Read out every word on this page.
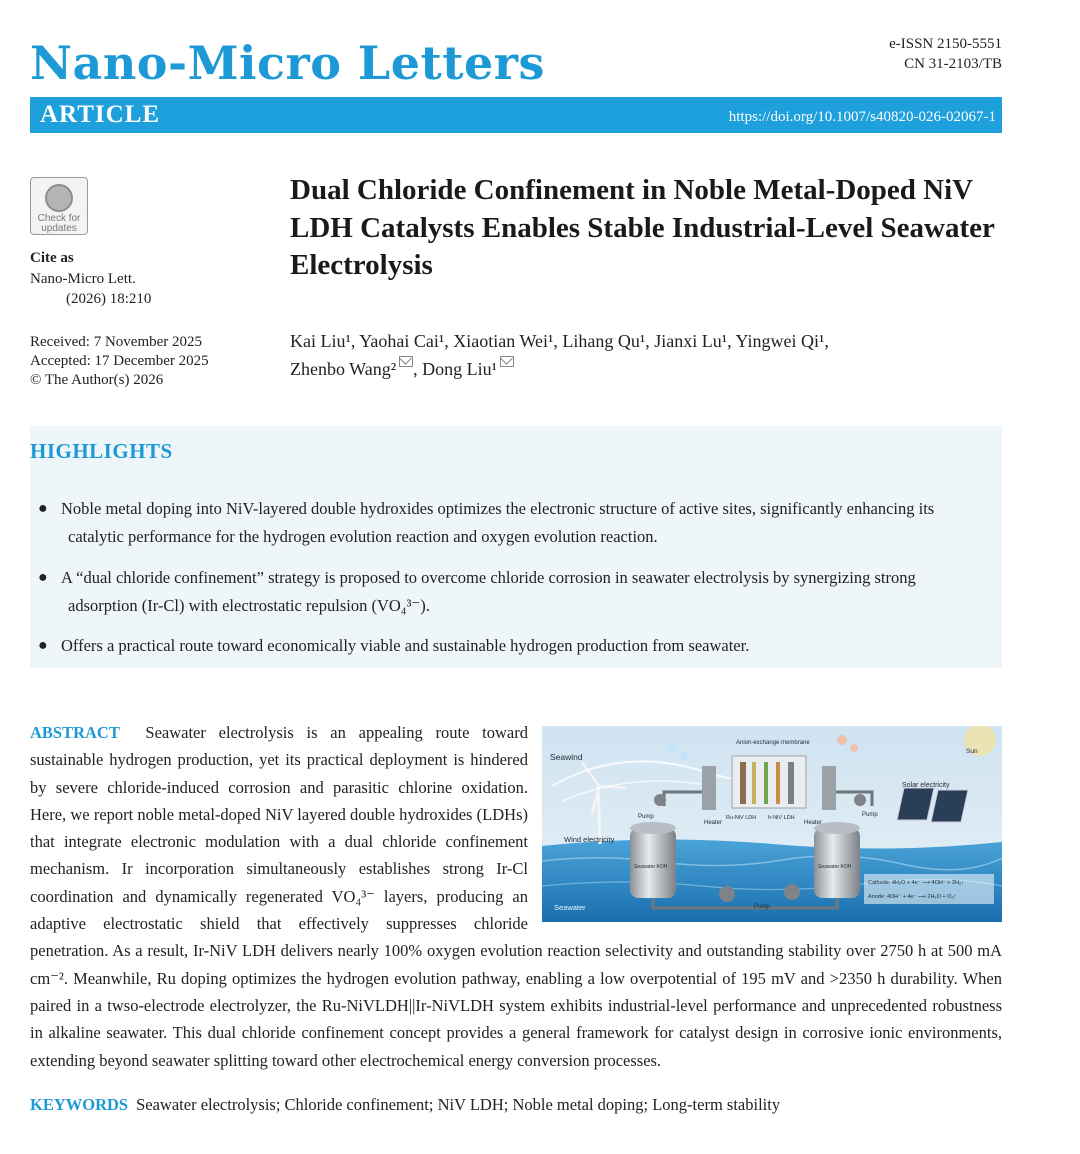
Nano-Micro Letters	e-ISSN 2150-5551
CN 31-2103/TB
ARTICLE	https://doi.org/10.1007/s40820-026-02067-1
Check for
updates
Cite as
Nano-Micro Lett.
(2026) 18:210
Received: 7 November 2025
Accepted: 17 December 2025
© The Author(s) 2026
Dual Chloride Confinement in Noble Metal-Doped NiV LDH Catalysts Enables Stable Industrial-Level Seawater Electrolysis
Kai Liu¹, Yaohai Cai¹, Xiaotian Wei¹, Lihang Qu¹, Jianxi Lu¹, Yingwei Qi¹,
Zhenbo Wang² , Dong Liu¹
HIGHLIGHTS
● Noble metal doping into NiV-layered double hydroxides optimizes the electronic structure of active sites, significantly enhancing its
catalytic performance for the hydrogen evolution reaction and oxygen evolution reaction.
● A “dual chloride confinement” strategy is proposed to overcome chloride corrosion in seawater electrolysis by synergizing strong
adsorption (Ir-Cl) with electrostatic repulsion (VO₄³⁻).
● Offers a practical route toward economically viable and sustainable hydrogen production from seawater.
Seawind
Anion-exchange membrane
Sun
Solar electricity
Wind electricity
Pump	Pump
Pump
Heater	Heater
Ru-NiV LDH Ir-NiV LDH
Seawater
Seawater KOH	Seawater KOH
Cathode: 4H₂O + 4e⁻ ⟶ 4OH⁻ + 2H₂↑
Anode: 4OH⁻ + 4e⁻ ⟶ 2H₂O + O₂↑

ABSTRACT Seawater electrolysis is an appealing route toward sustainable hydrogen production, yet its practical deployment is hindered by severe chloride-induced corrosion and parasitic chlorine oxidation. Here, we report noble metal-doped NiV layered double hydroxides (LDHs) that integrate electronic modulation with a dual chloride confinement mechanism. Ir incorporation simultaneously establishes strong Ir-Cl coordination and dynamically regenerated VO₄³⁻ layers, producing an adaptive electrostatic shield that effectively suppresses chloride penetration. As a result, Ir-NiV LDH delivers nearly 100% oxygen evolution reaction selectivity and outstanding stability over 2750 h at 500 mA cm⁻². Meanwhile, Ru doping optimizes the hydrogen evolution pathway, enabling a low overpotential of 195 mV and >2350 h durability. When paired in a twso-electrode electrolyzer, the Ru-NiVLDH||Ir-NiVLDH system exhibits industrial-level performance and unprecedented robustness in alkaline seawater. This dual chloride confinement concept provides a general framework for catalyst design in corrosive ionic environments, extending beyond seawater splitting toward other electrochemical energy conversion processes.

KEYWORDS Seawater electrolysis; Chloride confinement; NiV LDH; Noble metal doping; Long-term stability
